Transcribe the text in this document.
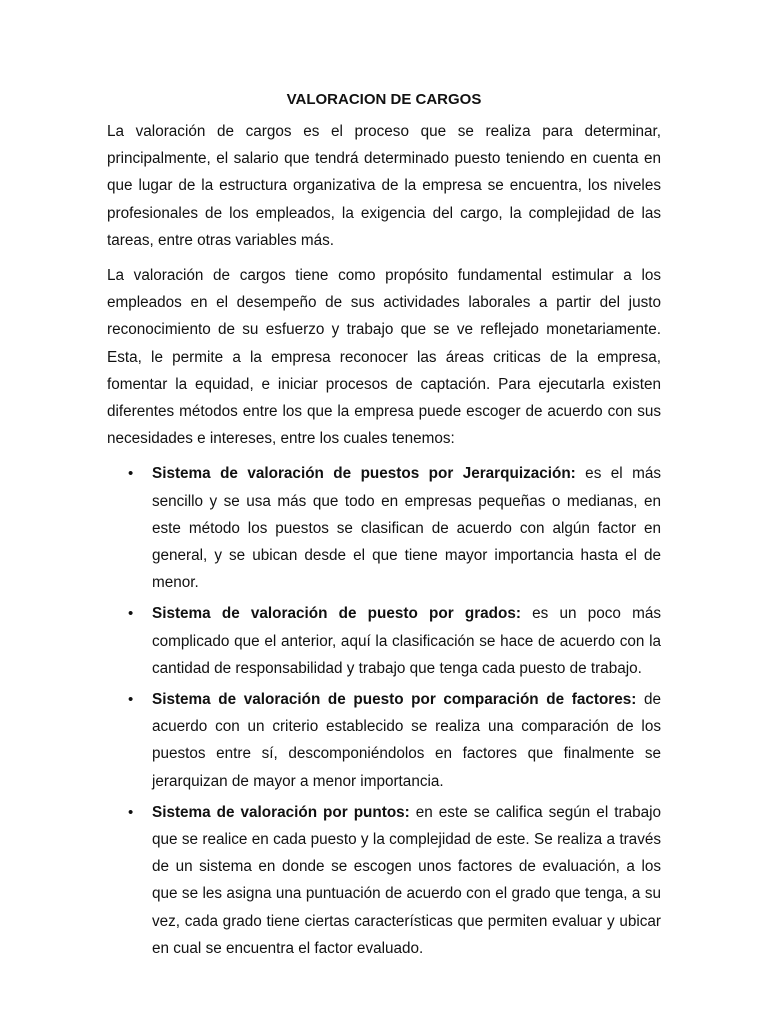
VALORACION DE CARGOS

La valoración de cargos es el proceso que se realiza para determinar, principalmente, el salario que tendrá determinado puesto teniendo en cuenta en que lugar de la estructura organizativa de la empresa se encuentra, los niveles profesionales de los empleados, la exigencia del cargo, la complejidad de las tareas, entre otras variables más.

La valoración de cargos tiene como propósito fundamental estimular a los empleados en el desempeño de sus actividades laborales a partir del justo reconocimiento de su esfuerzo y trabajo que se ve reflejado monetariamente. Esta, le permite a la empresa reconocer las áreas criticas de la empresa, fomentar la equidad, e iniciar procesos de captación. Para ejecutarla existen diferentes métodos entre los que la empresa puede escoger de acuerdo con sus necesidades e intereses, entre los cuales tenemos:

• Sistema de valoración de puestos por Jerarquización: es el más sencillo y se usa más que todo en empresas pequeñas o medianas, en este método los puestos se clasifican de acuerdo con algún factor en general, y se ubican desde el que tiene mayor importancia hasta el de menor.
• Sistema de valoración de puesto por grados: es un poco más complicado que el anterior, aquí la clasificación se hace de acuerdo con la cantidad de responsabilidad y trabajo que tenga cada puesto de trabajo.
• Sistema de valoración de puesto por comparación de factores: de acuerdo con un criterio establecido se realiza una comparación de los puestos entre sí, descomponiéndolos en factores que finalmente se jerarquizan de mayor a menor importancia.
• Sistema de valoración por puntos: en este se califica según el trabajo que se realice en cada puesto y la complejidad de este. Se realiza a través de un sistema en donde se escogen unos factores de evaluación, a los que se les asigna una puntuación de acuerdo con el grado que tenga, a su vez, cada grado tiene ciertas características que permiten evaluar y ubicar en cual se encuentra el factor evaluado.
